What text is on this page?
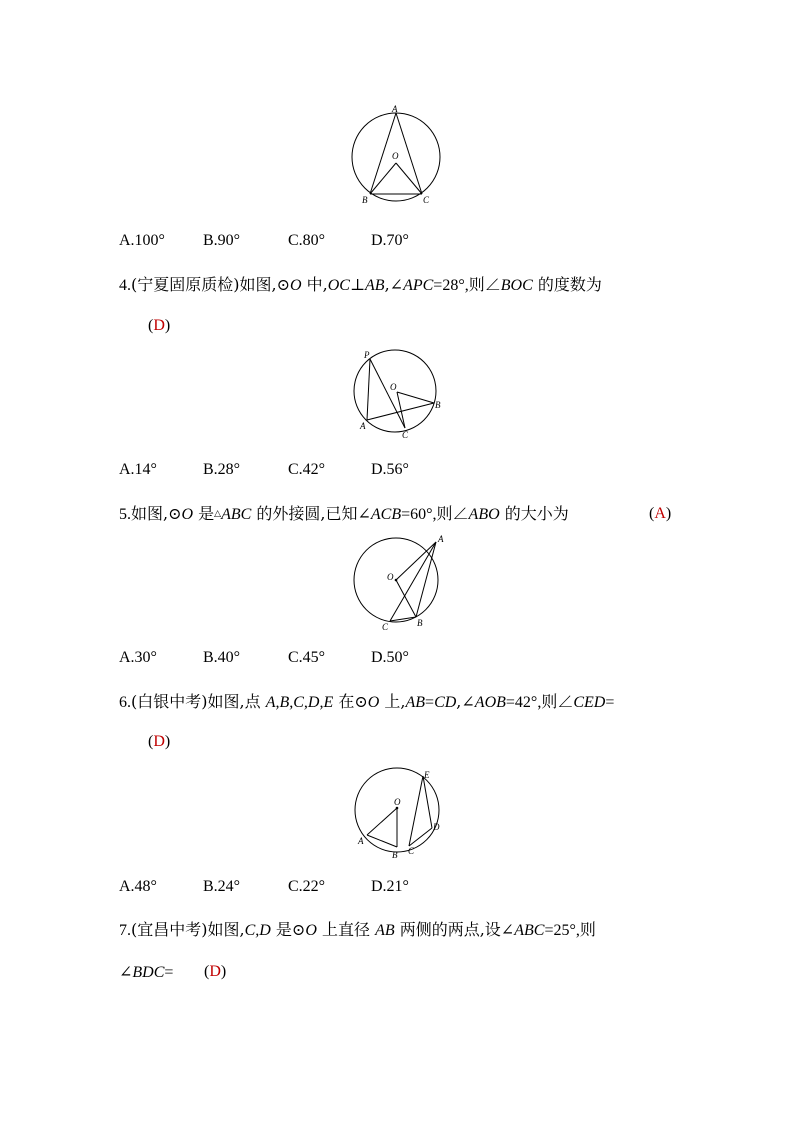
A
O
B	C
A.100° B.90°	C.80°	D.70°
4.(宁夏固原质检)如图,⊙O 中,OC⊥AB,∠APC=28°,则∠BOC 的度数为
(D)
P
O
B
A
C
A.14°	B.28°	C.42°	D.56°
5.如图,⊙O 是△ABC 的外接圆,已知∠ACB=60°,则∠ABO 的大小为	(A)
A
O
C	B
A.30°	B.40°	C.45°	D.50°
6.(白银中考)如图,点 A,B,C,D,E 在⊙O 上,AB=CD,∠AOB=42°,则∠CED=
(D)
E
O
D
A
B C
A.48°	B.24°	C.22°	D.21°
7.(宜昌中考)如图,C,D 是⊙O 上直径 AB 两侧的两点,设∠ABC=25°,则
∠BDC= (D)
